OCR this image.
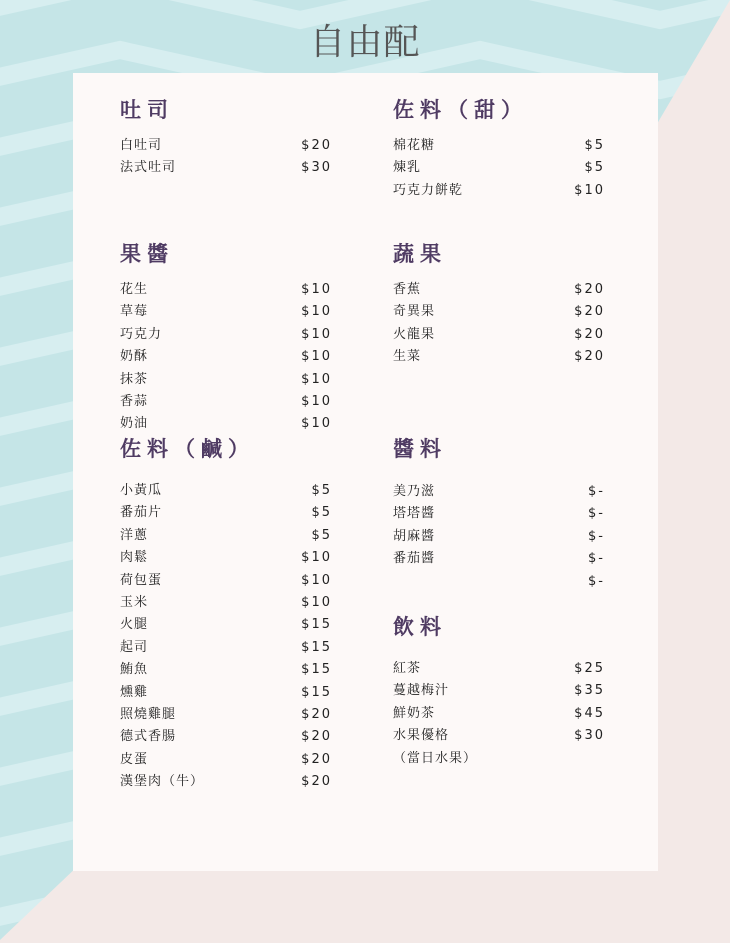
自由配
吐司
白吐司	$20
法式吐司	$30
佐料（甜）
棉花糖	$5
煉乳	$5
巧克力餅乾	$10
果醬
花生	$10
草莓	$10
巧克力	$10
奶酥	$10
抹茶	$10
香蒜	$10
奶油	$10
蔬果
香蕉	$20
奇異果	$20
火龍果	$20
生菜	$20
佐料（鹹）
小黃瓜	$5
番茄片	$5
洋蔥	$5
肉鬆	$10
荷包蛋	$10
玉米	$10
火腿	$15
起司	$15
鮪魚	$15
燻雞	$15
照燒雞腿	$20
德式香腸	$20
皮蛋	$20
漢堡肉（牛）	$20
醬料
美乃滋	$-
塔塔醬	$-
胡麻醬	$-
番茄醬	$-
$-
飲料
紅茶	$25
蔓越梅汁	$35
鮮奶茶	$45
水果優格	$30
（當日水果）
